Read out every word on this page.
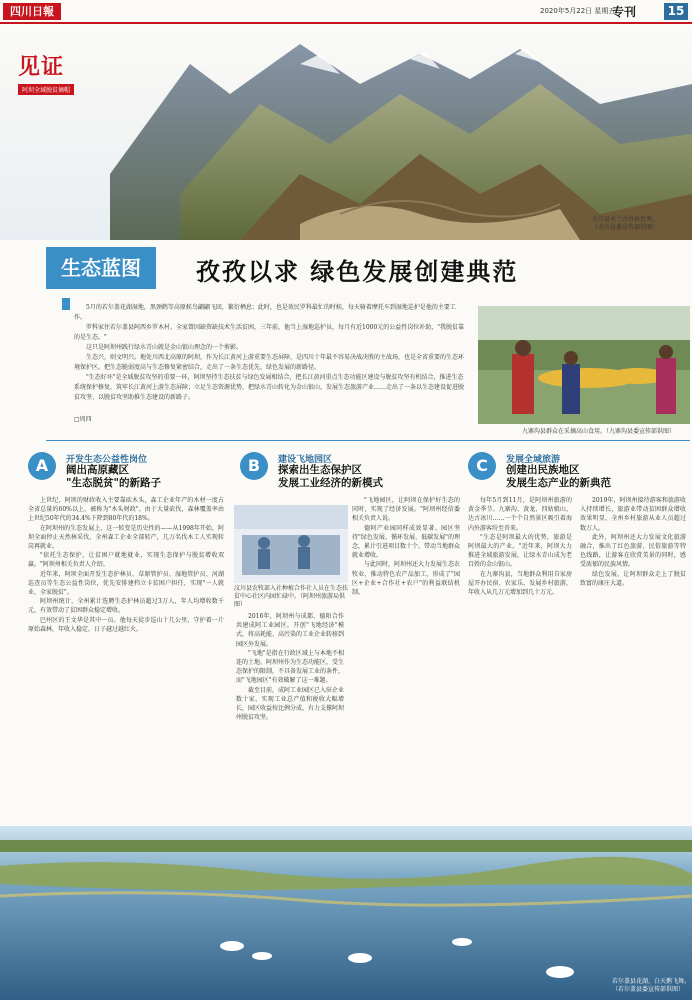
四川日報	2020年5月22日 星期五
专刊	15
见证
阿坝全域脱贫摘帽
金川县木兰古谷景色秀。
（金川县委宣传部供图）
生态蓝图	孜孜以求 绿色发展创建典范

5月的若尔盖花湖湿地，黑颈鹤等高原候鸟翩翩飞回，繁衍栖息；此时，也是效民罗科最忙的时候，每天骑着摩托车到湿地巡护是他的主要工作。

罗科家住若尔盖县阿西乡罗木村。全家曾因缺资缺技术生活贫困，三年前，他当上湿地巡护员，每月有近1000元的公益性岗位补助，"我脱贫靠的是生态。"

这只是阿坝州践行绿水青山就是金山银山理念的一个剪影。

生态兴，则文明兴。地处川西北高原的阿坝，作为长江黄河上游重要生态屏障，是四川十年最不容易决战决胜的主战场，也是全省重要的生态环境保护区。把生态脆弱度高与生态修复紧密结合，走出了一条生态优先、绿色发展的新路径。

"生态好坏"是全域脱贫攻坚的重要一环，阿坝坚持生态扶贫与绿色发展相结合，把长江黄河重点生态功能区建设与脱贫攻坚有机结合，推进生态系统保护修复，筑牢长江黄河上游生态屏障；立足生态资源优势，把绿水青山转化为金山银山，发展生态旅游产业……走出了一条以生态建设促进脱贫攻坚、以脱贫攻坚助推生态建设的新路子。

□周四
九寨沟县群众在采摘高山食用。（九寨沟县委宣传部供图）
A	开发生态公益性岗位
阔出高原藏区
"生态脱贫"的新路子

上世纪，阿坝的财政收入主要靠砍木头，森工企业年产的木材一度占全省总量的60%以上，被称为"木头财政"。由于大量砍伐，森林覆盖率由上世纪50年代的34.4%下降到80年代的18%。

在阿坝州的生态发展上，这一转变是历史性的——从1998年开始，阿坝全面停止天然林采伐，全州森工企业全部转产，几万名伐木工人实现转岗再就业。

"依托生态保护，让贫困户就地就业，实现生态保护与脱贫增收双赢。"阿坝州相关负责人介绍。

近年来，阿坝全面开发生态护林员、草原管护员、湿地管护员、河湖巡查员等生态公益性岗位，优先安排建档立卡贫困户担任，实现"一人就业、全家脱贫"。

阿坝州统计，全州累计选聘生态护林员超过3万人，年人均增收数千元，有效带动了贫困群众稳定增收。

巴州区的王文华是其中一员。他每天徒步巡山十几公里，守护着一片原始森林，年收入稳定，日子越过越红火。

B	建设飞地园区
探索出生态保护区
发展工业经济的新模式
汶川县农牧部入社种植合作社人员在生态扶贫中心社区内园忙碌中。（阿坝州旅游局供图）

2016年，阿坝州与成都、德阳合作共建成阿工业园区，开创"飞地经济"模式，将高耗能、高污染的工业企业转移到园区外发展。

"飞地"是指在行政区域上与本地不相连的土地。阿坝州作为生态功能区，受生态保护的限制，不具备发展工业的条件，而"飞地园区"有效破解了这一难题。

截至目前，成阿工业园区已入驻企业数十家，实现工业总产值和税收大幅增长，园区收益按比例分成，有力支撑阿坝州脱贫攻坚。

"飞地园区，让阿坝在保护好生态的同时，实现了经济发展。"阿坝州经信委相关负责人说。

德阿产业园同样成效显著。园区坚持"绿色发展、循环发展、低碳发展"的理念，累计引进项目数十个，带动当地群众就业增收。

与此同时，阿坝州还大力发展生态农牧业，推动特色农产品加工，形成了"园区+企业+合作社+农户"的利益联结机制。

C	发展全域旅游
创建出民族地区
发展生态产业的新典范

每年5月到11月，是阿坝州旅游的黄金季节。九寨沟、黄龙、四姑娘山、达古冰川……一个个自然景区吸引着海内外游客纷至沓来。

"生态是阿坝最大的优势，旅游是阿坝最大的产业。"近年来，阿坝大力推进全域旅游发展，让绿水青山成为老百姓的金山银山。

在九寨沟县，当地群众利用自家房屋开办民宿、农家乐，发展乡村旅游，年收入从几万元增加到几十万元。

2019年，阿坝州接待游客和旅游收入持续增长，旅游业带动贫困群众增收效果明显，全州乡村旅游从业人员超过数万人。

此外，阿坝州还大力发展文化旅游融合，推出了红色旅游、民俗旅游等特色线路，让游客在欣赏美景的同时，感受浓郁的民族风情。

绿色发展，让阿坝群众走上了脱贫致富的康庄大道。

若尔盖县花湖，白天鹅飞舞。
（若尔盖县委宣传部供图）
